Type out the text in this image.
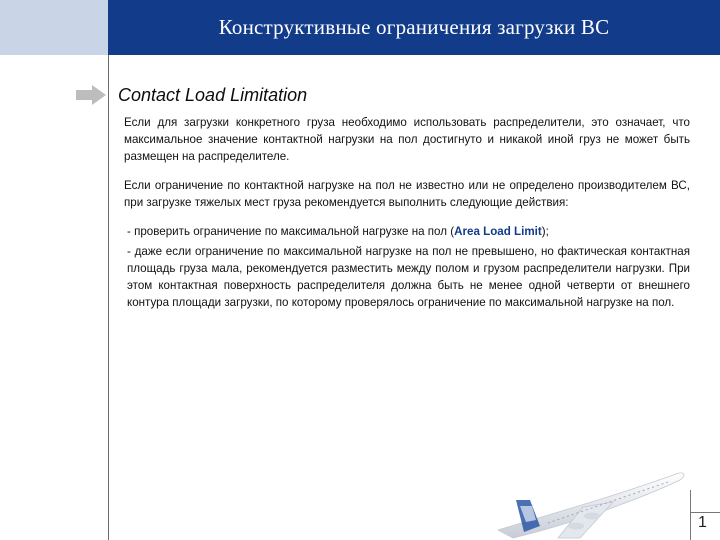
Конструктивные ограничения загрузки ВС
Contact Load Limitation

Если для загрузки конкретного груза необходимо использовать распределители, это означает, что максимальное значение контактной нагрузки на пол достигнуто и никакой иной груз не может быть размещен на распределителе.

Если ограничение по контактной нагрузке на пол не известно или не определено производителем ВС, при загрузке тяжелых мест груза рекомендуется выполнить следующие действия:

- проверить ограничение по максимальной нагрузке на пол (Area Load Limit);

- даже если ограничение по максимальной нагрузке на пол не превышено, но фактическая контактная площадь груза мала, рекомендуется разместить между полом и грузом распределители нагрузки. При этом контактная поверхность распределителя должна быть не менее одной четверти от внешнего контура площади загрузки, по которому проверялось ограничение по максимальной нагрузке на пол.

1
